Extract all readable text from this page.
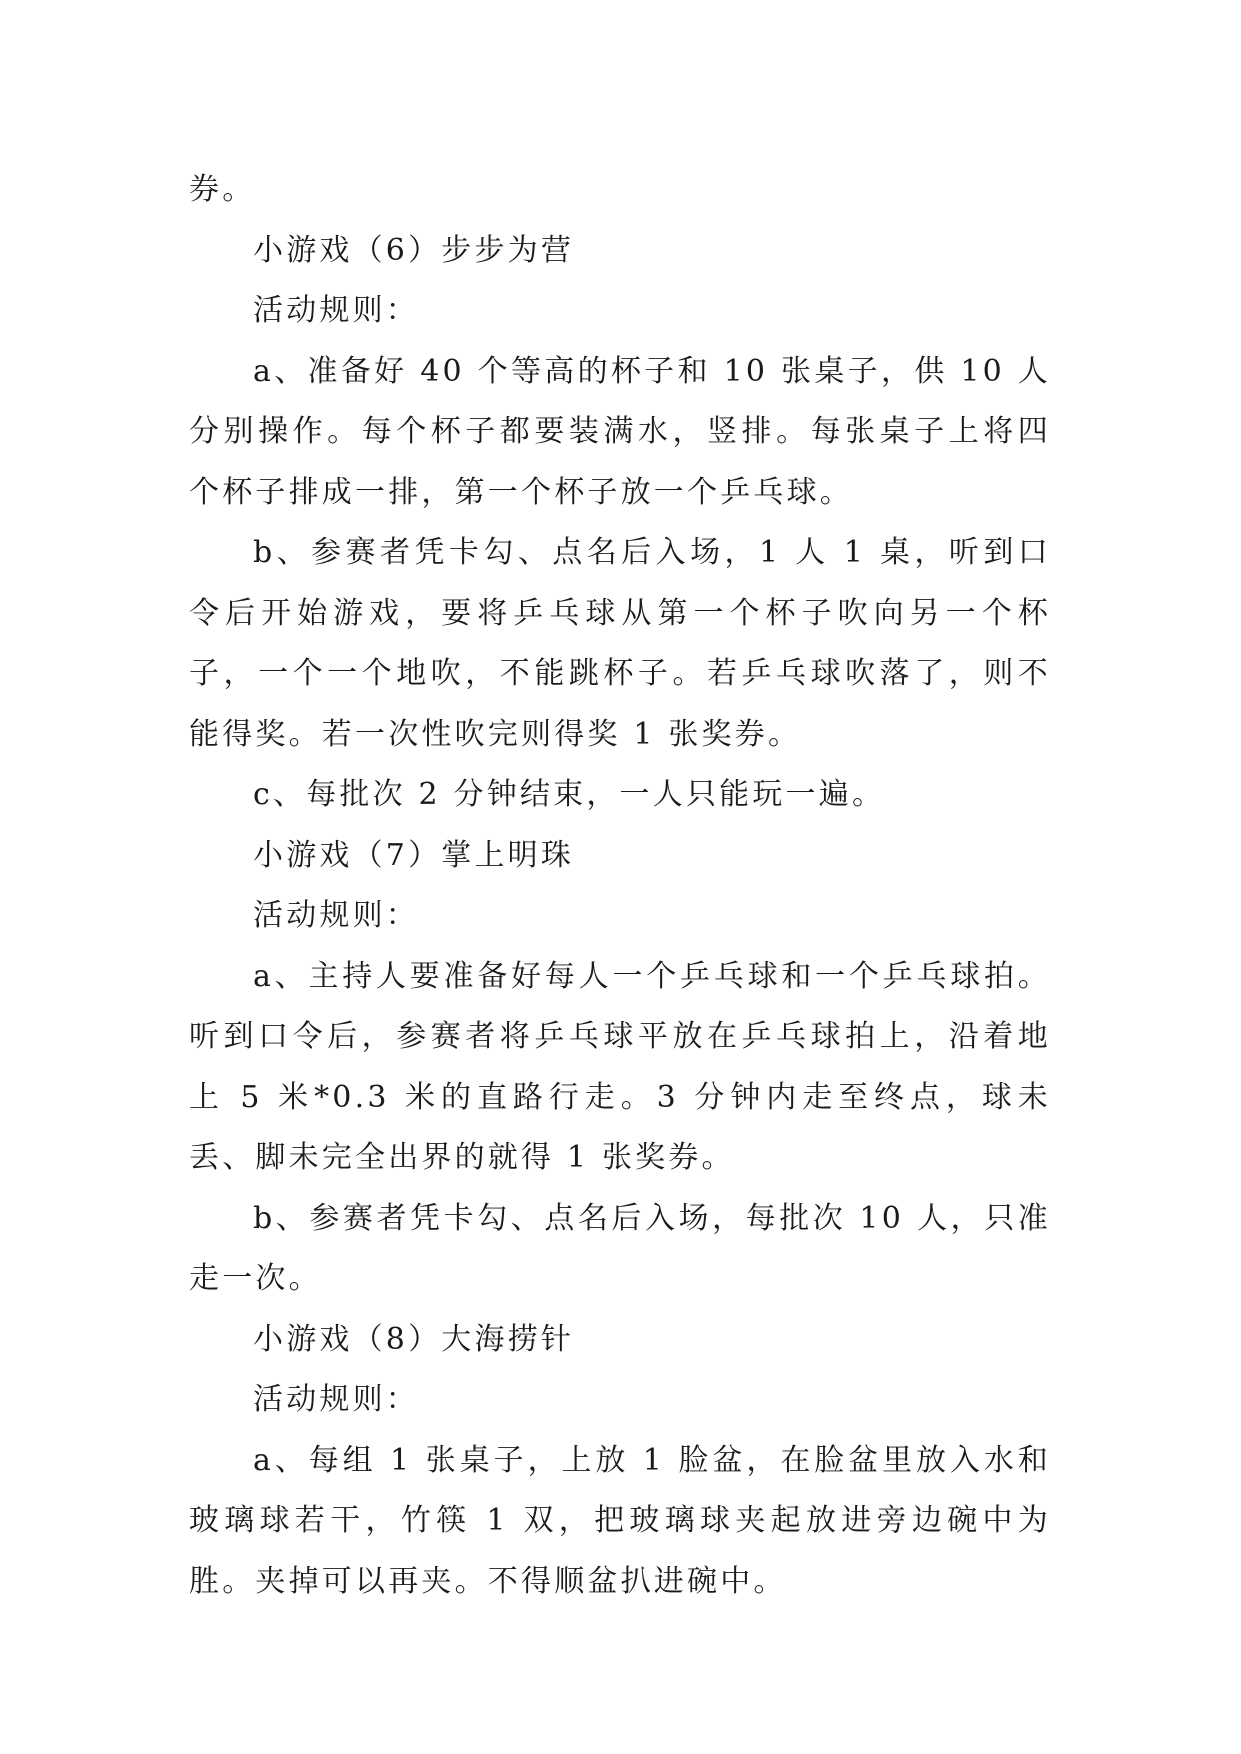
券。

小游戏（6）步步为营

活动规则：

a、准备好 40 个等高的杯子和 10 张桌子，供 10 人分别操作。每个杯子都要装满水，竖排。每张桌子上将四个杯子排成一排，第一个杯子放一个乒乓球。

b、参赛者凭卡勾、点名后入场，1 人 1 桌，听到口令后开始游戏，要将乒乓球从第一个杯子吹向另一个杯子，一个一个地吹，不能跳杯子。若乒乓球吹落了，则不能得奖。若一次性吹完则得奖 1 张奖券。

c、每批次 2 分钟结束，一人只能玩一遍。

小游戏（7）掌上明珠

活动规则：

a、主持人要准备好每人一个乒乓球和一个乒乓球拍。听到口令后，参赛者将乒乓球平放在乒乓球拍上，沿着地上 5 米*0.3 米的直路行走。3 分钟内走至终点，球未丢、脚未完全出界的就得 1 张奖券。

b、参赛者凭卡勾、点名后入场，每批次 10 人，只准走一次。

小游戏（8）大海捞针

活动规则：

a、每组 1 张桌子，上放 1 脸盆，在脸盆里放入水和玻璃球若干，竹筷 1 双，把玻璃球夹起放进旁边碗中为胜。夹掉可以再夹。不得顺盆扒进碗中。
